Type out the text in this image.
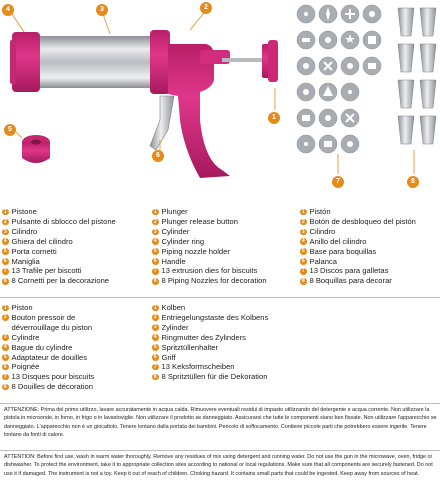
4	3	2
1
5
6
7	8
1 Pistone
2 Pulsante di sblocco del pistone
3 Cilindro
4 Ghiera del cilindro
5 Porta cornetti
6 Maniglia
7 13 Trafile per biscotti
8 8 Cornetti per la decorazione
1 Plunger
2 Plunger release button
3 Cylinder
4 Cylinder ring
5 Piping nozzle holder
6 Handle
7 13 extrusion dies for biscuits
8 8 Piping Nozzles for decoration
1 Pistón
2 Botón de desbloqueo del pistón
3 Cilindro
4 Anillo del cilindro
5 Base para boquillas
6 Palanca
7 13 Discos para galletas
8 8 Boquillas para decorar
1 Piston
2 Bouton pressoir de déverrouillage du piston
3 Cylindre
4 Bague du cylindre
5 Adaptateur de douilles
6 Poignée
7 13 Disques pour biscuits
8 8 Douilles de décoration
1 Kolben
2 Entriegelungstaste des Kolbens
3 Zylinder
4 Ringmutter des Zylinders
5 Spritztüllenhalter
6 Griff
7 13 Keksformscheiben
8 8 Spritztüllen für die Dekoration
ATTENZIONE: Prima del primo utilizzo, lavare accuratamente in acqua calda. Rimuovere eventuali residui di impasto utilizzando del detergente e acqua corrente. Non utilizzare la pistola in microonde, in forno, in frigo o in lavastoviglie. Non utilizzare il prodotto se danneggiato. Assicurarsi che tutte le componenti siano ben fissate. Non utilizzare l'apparecchio se danneggiato. L'apparecchio non è un giocattolo. Tenere lontano dalla portata dei bambini. Pericolo di soffocamento. Contiene piccole parti che potrebbero essere ingerite. Tenere lontano da fonti di calore.
ATTENTION: Before first use, wash in warm water thoroughly. Remove any residues of mix using detergent and running water. Do not use the gun in the microwave, oven, fridge or dishwasher. To protect the environment, take it to appropriate collection sites according to national or local regulations. Make sure that all components are securely fastened. Do not use it if damaged. The instrument is not a toy. Keep it out of reach of children. Choking hazard. It contains small parts that could be ingested. Keep away from sources of heat.
